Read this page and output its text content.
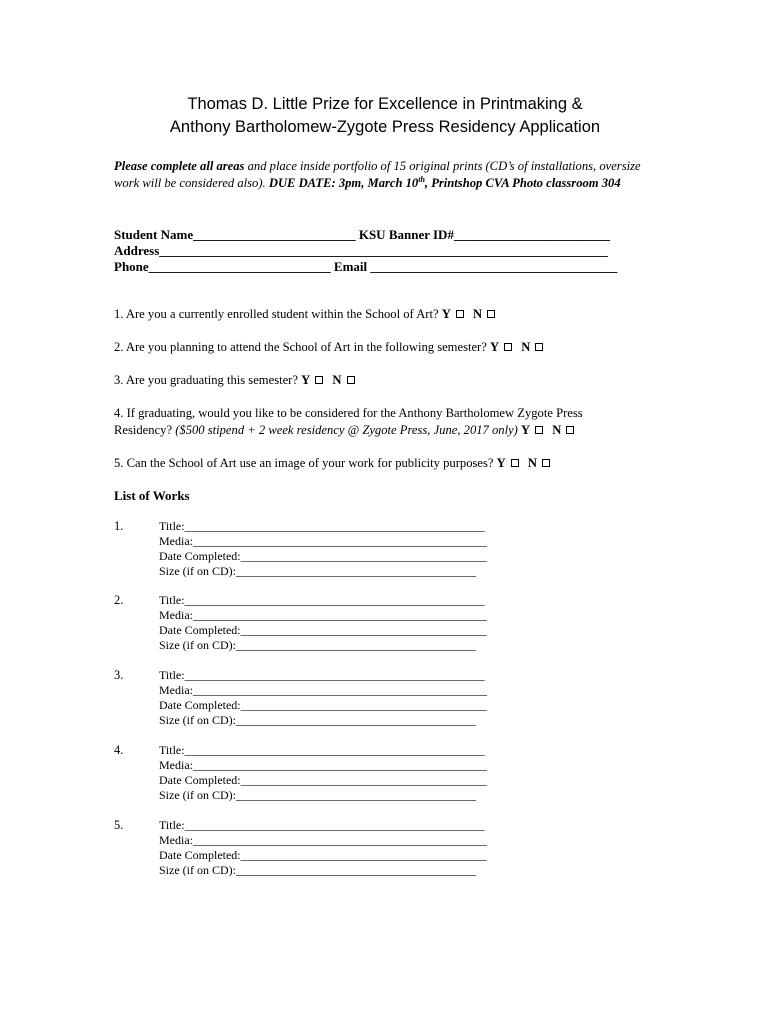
Thomas D. Little Prize for Excellence in Printmaking &
Anthony Bartholomew-Zygote Press Residency Application
Please complete all areas and place inside portfolio of 15 original prints (CD’s of installations, oversize work will be considered also). DUE DATE: 3pm, March 10th, Printshop CVA Photo classroom 304
Student Name_________________________ KSU Banner ID#________________________
Address_____________________________________________________________________
Phone____________________________ Email ______________________________________
1. Are you a currently enrolled student within the School of Art? Y N
2. Are you planning to attend the School of Art in the following semester? Y N
3. Are you graduating this semester? Y N
4. If graduating, would you like to be considered for the Anthony Bartholomew Zygote Press
Residency? ($500 stipend + 2 week residency @ Zygote Press, June, 2017 only) Y N
5. Can the School of Art use an image of your work for publicity purposes? Y N
List of Works
1.	Title:__________________________________________________
Media:_________________________________________________
Date Completed:_________________________________________
Size (if on CD):________________________________________
2.	Title:__________________________________________________
Media:_________________________________________________
Date Completed:_________________________________________
Size (if on CD):________________________________________
3.	Title:__________________________________________________
Media:_________________________________________________
Date Completed:_________________________________________
Size (if on CD):________________________________________
4.	Title:__________________________________________________
Media:_________________________________________________
Date Completed:_________________________________________
Size (if on CD):________________________________________
5.	Title:__________________________________________________
Media:_________________________________________________
Date Completed:_________________________________________
Size (if on CD):________________________________________
